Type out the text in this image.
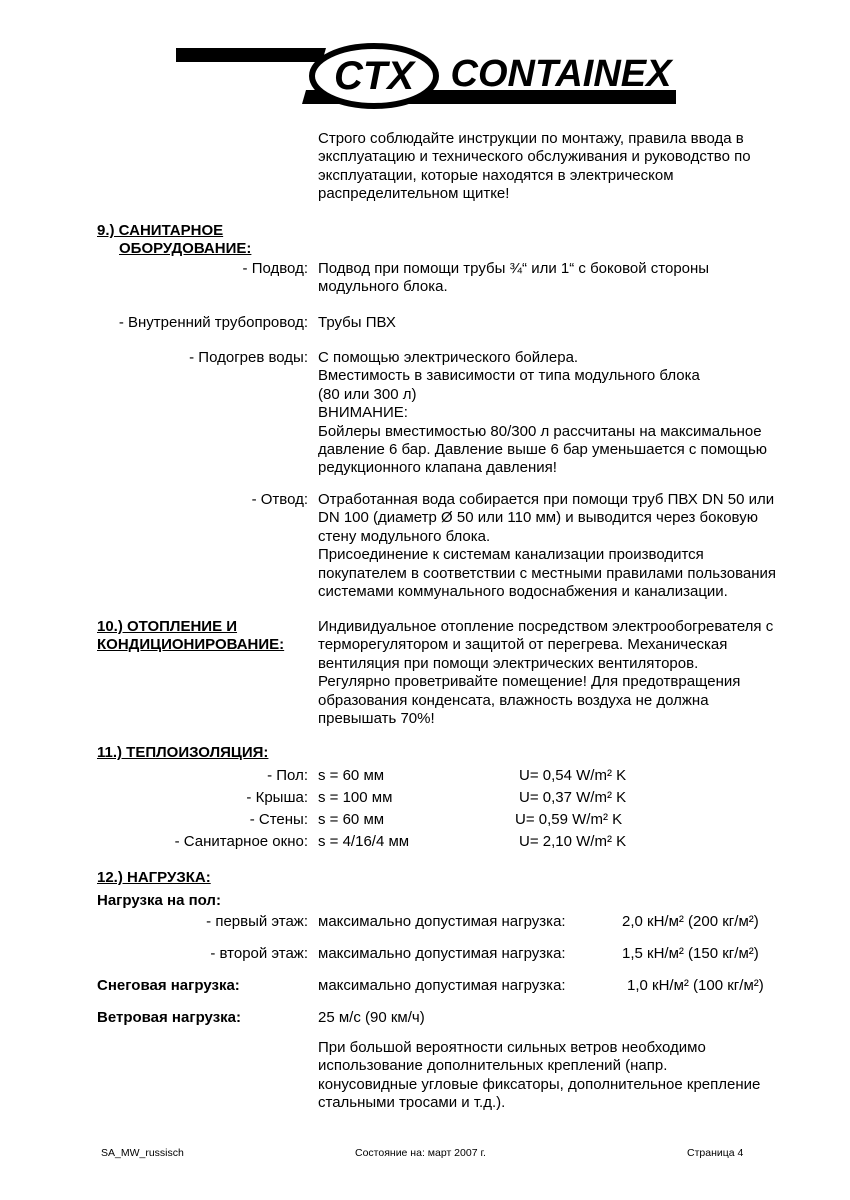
CTX CONTAINEX
Строго соблюдайте инструкции по монтажу, правила ввода в
эксплуатацию и технического обслуживания и руководство по
эксплуатации, которые находятся в электрическом
распределительном щитке!
9.) САНИТАРНОЕ
ОБОРУДОВАНИЕ:
- Подвод: Подвод при помощи трубы ¾“ или 1“ с боковой стороны
модульного блока.
- Внутренний трубопровод: Трубы ПВХ
- Подогрев воды: С помощью электрического бойлера.
Вместимость в зависимости от типа модульного блока
(80 или 300 л)
ВНИМАНИЕ:
Бойлеры вместимостью 80/300 л рассчитаны на максимальное
давление 6 бар. Давление выше 6 бар уменьшается с помощью
редукционного клапана давления!
- Отвод: Отработанная вода собирается при помощи труб ПВХ DN 50 или
DN 100 (диаметр Ø 50 или 110 мм) и выводится через боковую
стену модульного блока.
Присоединение к системам канализации производится
покупателем в соответствии с местными правилами пользования
системами коммунального водоснабжения и канализации.
10.) ОТОПЛЕНИЕ И
КОНДИЦИОНИРОВАНИЕ:
Индивидуальное отопление посредством электрообогревателя с
терморегулятором и защитой от перегрева. Механическая
вентиляция при помощи электрических вентиляторов.
Регулярно проветривайте помещение! Для предотвращения
образования конденсата, влажность воздуха не должна
превышать 70%!
11.) ТЕПЛОИЗОЛЯЦИЯ:
- Пол: s = 60 мм	U= 0,54 W/m² K
- Крыша: s = 100 мм	U= 0,37 W/m² K
- Стены: s = 60 мм	U= 0,59 W/m² K
- Санитарное окно: s = 4/16/4 мм	U= 2,10 W/m² K
12.) НАГРУЗКА:
Нагрузка на пол:
- первый этаж: максимально допустимая нагрузка:	2,0 кН/м² (200 кг/м²)
- второй этаж: максимально допустимая нагрузка:	1,5 кН/м² (150 кг/м²)
Снеговая нагрузка:	максимально допустимая нагрузка:	1,0 кН/м² (100 кг/м²)
Ветровая нагрузка:	25 м/с (90 км/ч)
При большой вероятности сильных ветров необходимо
использование дополнительных креплений (напр.
конусовидные угловые фиксаторы, дополнительное крепление
стальными тросами и т.д.).
SA_MW_russisch	Состояние на: март 2007 г.	Страница 4
